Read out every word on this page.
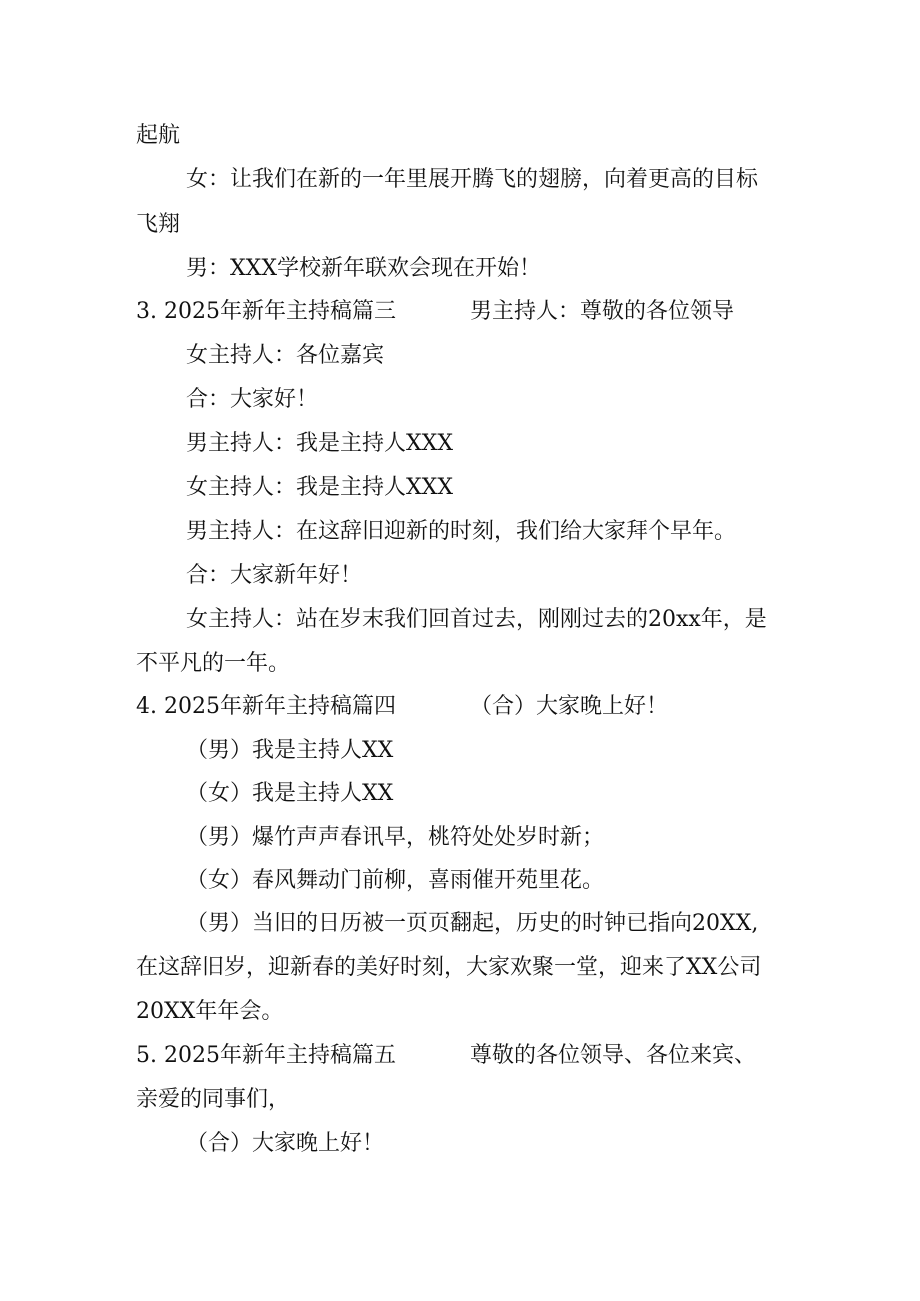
起航
女：让我们在新的一年里展开腾飞的翅膀，向着更高的目标
飞翔
男：XXX学校新年联欢会现在开始！
3. 2025年新年主持稿篇三	男主持人：尊敬的各位领导
女主持人：各位嘉宾
合：大家好！
男主持人：我是主持人XXX
女主持人：我是主持人XXX
男主持人：在这辞旧迎新的时刻，我们给大家拜个早年。
合：大家新年好！
女主持人：站在岁末我们回首过去，刚刚过去的20xx年，是
不平凡的一年。
4. 2025年新年主持稿篇四	（合）大家晚上好！
（男）我是主持人XX
（女）我是主持人XX
（男）爆竹声声春讯早，桃符处处岁时新；
（女）春风舞动门前柳，喜雨催开苑里花。
（男）当旧的日历被一页页翻起，历史的时钟已指向20XX,
在这辞旧岁，迎新春的美好时刻，大家欢聚一堂，迎来了XX公司
20XX年年会。
5. 2025年新年主持稿篇五	尊敬的各位领导、各位来宾、
亲爱的同事们，
（合）大家晚上好！
